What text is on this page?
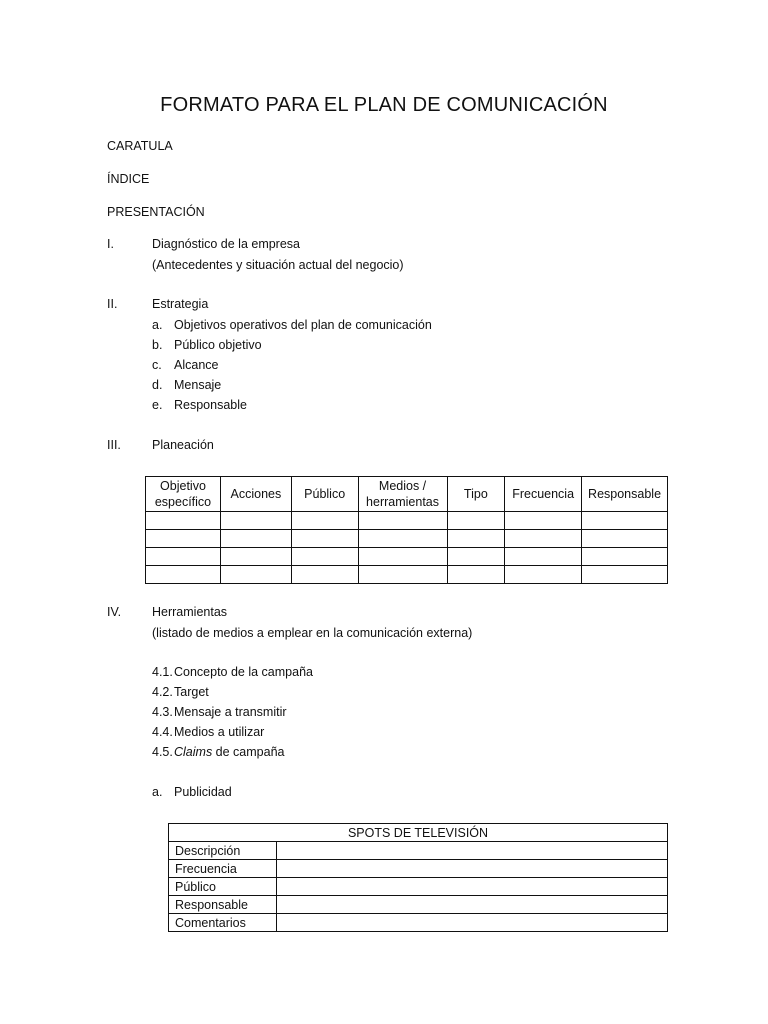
FORMATO PARA EL PLAN DE COMUNICACIÓN
CARATULA
ÍNDICE
PRESENTACIÓN
I.	Diagnóstico de la empresa
(Antecedentes y situación actual del negocio)
II.	Estrategia
a. Objetivos operativos del plan de comunicación
b. Público objetivo
c. Alcance
d. Mensaje
e. Responsable
III. Planeación
Objetivo específico	Acciones	Público	Medios / herramientas	Tipo	Frecuencia	Responsable

IV. Herramientas
(listado de medios a emplear en la comunicación externa)
4.1. Concepto de la campaña
4.2. Target
4.3. Mensaje a transmitir
4.4. Medios a utilizar
4.5. Claims de campaña
a. Publicidad
SPOTS DE TELEVISIÓN	
Descripción	
Frecuencia	
Público	
Responsable	
Comentarios	
